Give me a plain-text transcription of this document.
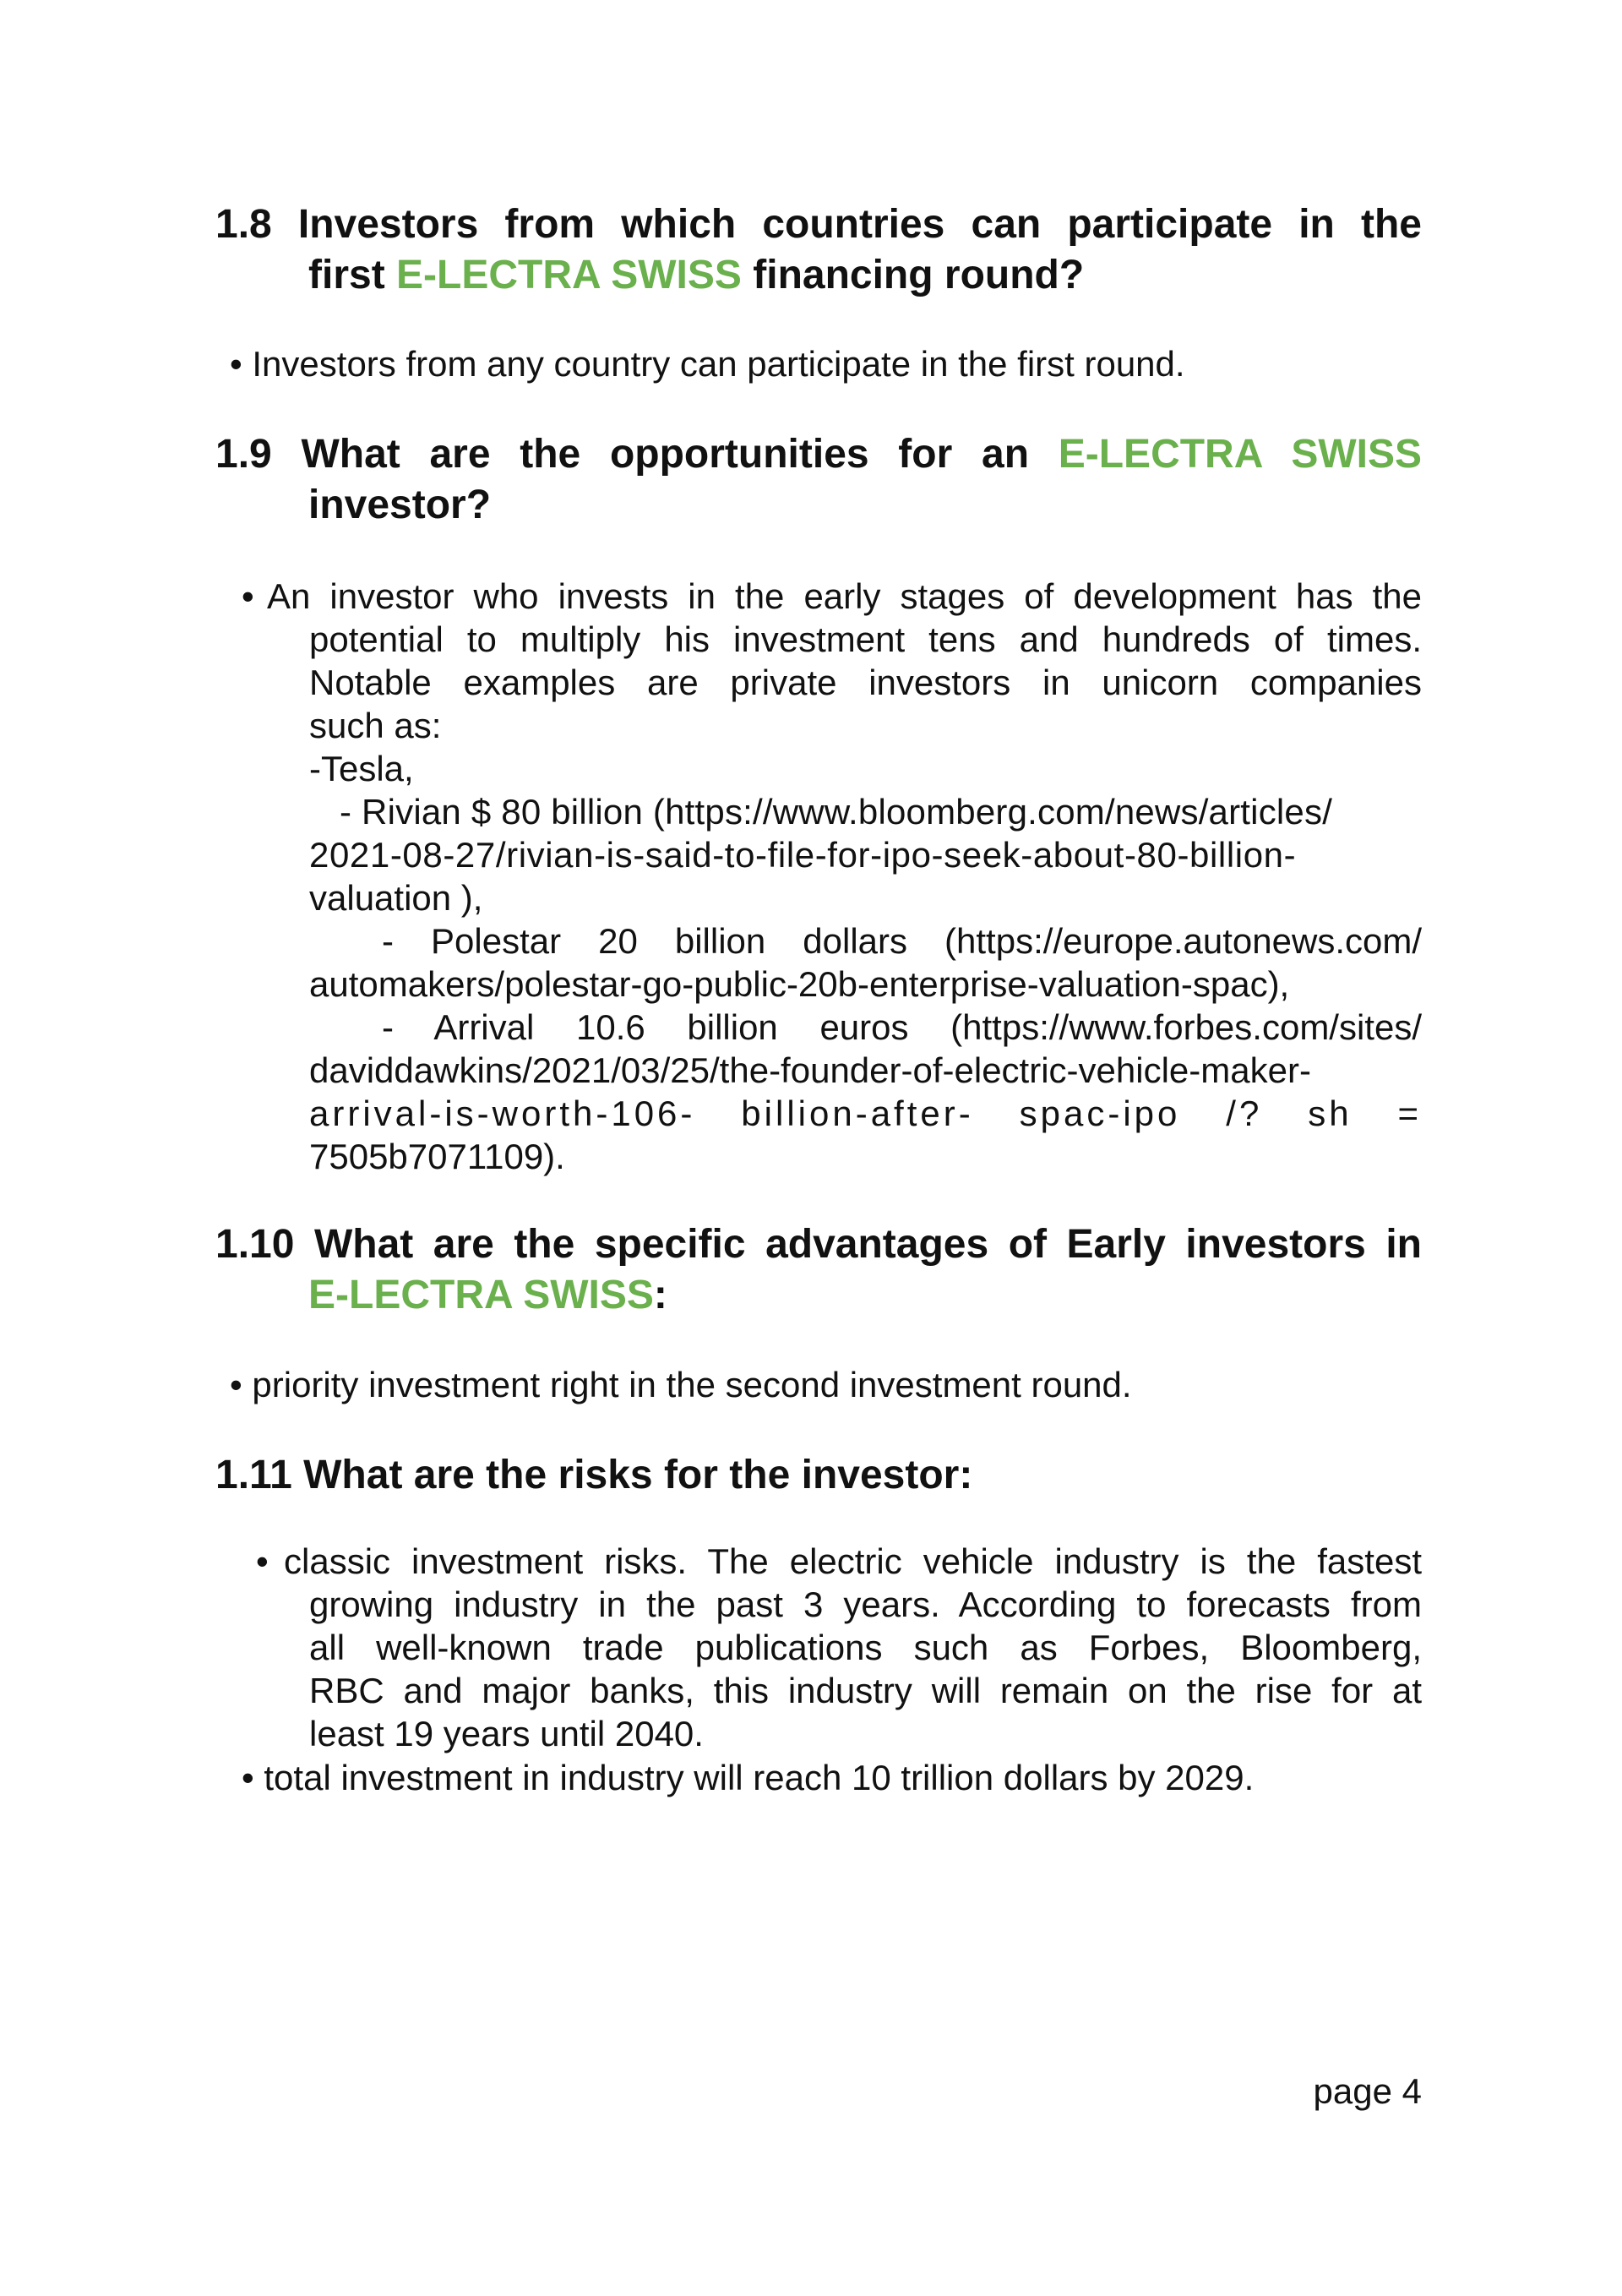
1.8 Investors from which countries can participate in the
first E-LECTRA SWISS financing round?
• Investors from any country can participate in the first round.
1.9 What are the opportunities for an E-LECTRA SWISS
investor?
• An investor who invests in the early stages of development has the
potential to multiply his investment tens and hundreds of times.
Notable examples are private investors in unicorn companies
such as:
-Tesla,
- Rivian $ 80 billion (https://www.bloomberg.com/news/articles/
2021-08-27/rivian-is-said-to-file-for-ipo-seek-about-80-billion-
valuation ),
- Polestar 20 billion dollars (https://europe.autonews.com/
automakers/polestar-go-public-20b-enterprise-valuation-spac),
- Arrival 10.6 billion euros (https://www.forbes.com/sites/
daviddawkins/2021/03/25/the-founder-of-electric-vehicle-maker-
arrival-is-worth-106- billion-after- spac-ipo /? sh =
7505b7071109).
1.10 What are the specific advantages of Early investors in
E-LECTRA SWISS:
• priority investment right in the second investment round.
1.11 What are the risks for the investor:
• classic investment risks. The electric vehicle industry is the fastest
growing industry in the past 3 years. According to forecasts from
all well-known trade publications such as Forbes, Bloomberg,
RBC and major banks, this industry will remain on the rise for at
least 19 years until 2040.
• total investment in industry will reach 10 trillion dollars by 2029.
page 4
